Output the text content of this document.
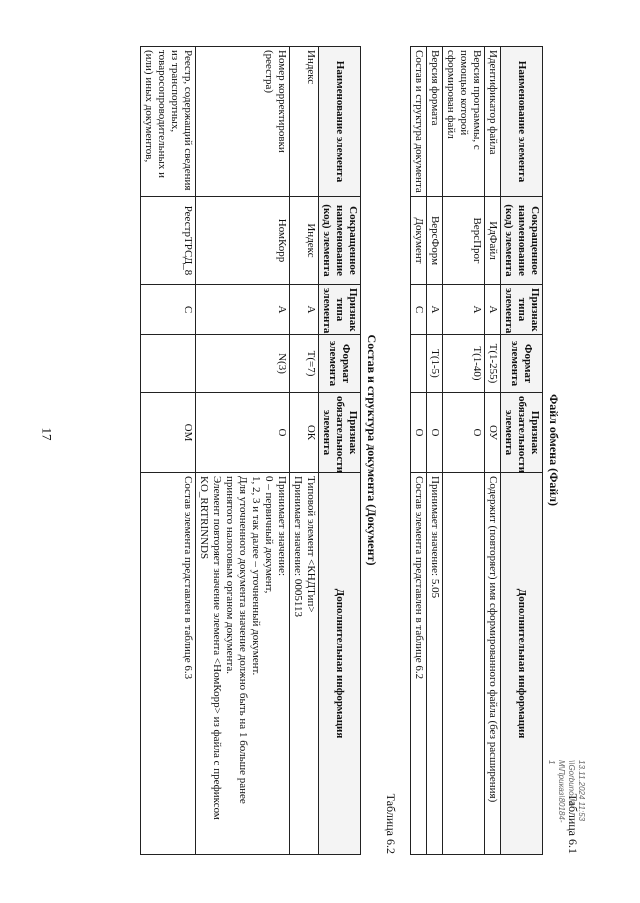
17
Таблица 6.1
Файл обмена (Файл)
Наименование элемента	Сокращенное наименование (код) элемента	Признак типа элемента	Формат элемента	Признак обязательности элемента	Дополнительная информация
Идентификатор файла	ИдФайл	А	Т(1-255)	ОУ	Содержит (повторяет) имя сформированного файла (без расширения)
Версия программы, с помощью которой сформирован файл	ВерсПрог	А	Т(1-40)	О	
Версия формата	ВерсФорм	А	Т(1-5)	О	Принимает значение: 5.05
Состав и структура документа	Документ	С		О	Состав элемента представлен в таблице 6.2
Таблица 6.2
Состав и структура документа (Документ)
Наименование элемента	Сокращенное наименование (код) элемента	Признак типа элемента	Формат элемента	Признак обязательности элемента	Дополнительная информация
Индекс	Индекс	А	Т(=7)	ОК	Типовой элемент <КНДТип>
Принимает значение: 0005113
Номер корректировки (реестра)	НомКорр	А	N(3)	О	Принимает значение:
0 – первичный документ,
1, 2, 3 и так далее – уточненный документ.
Для уточненного документа значение должно быть на 1 больше ранее принятого налоговым органом документа.
Элемент повторяет значение элемента <НомКорр> из файла с префиксом KO_RRTRINNDS
Реестр, содержащий сведения из транспортных, товаросопроводительных и (или) иных документов,	РеестрТРСД_8	С		ОМ	Состав элемента представлен в таблице 6.3
13.11.2024 11:53
\\Gorbuno-M-M\Приказ\80184-1
